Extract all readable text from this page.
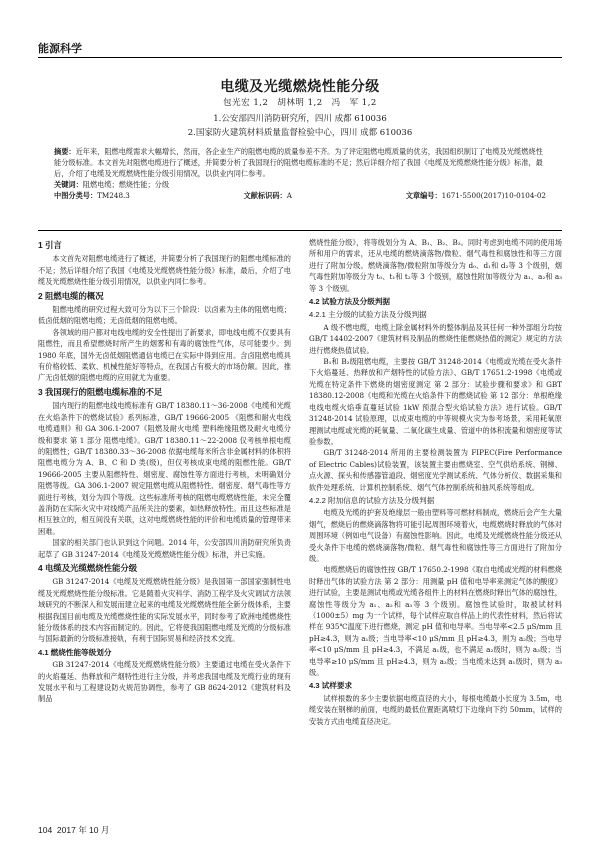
能源科学
电缆及光缆燃烧性能分级
包光宏 1,2　胡林明 1,2　冯　军 1,2
1.公安部四川消防研究所，四川 成都 610036
2.国家防火建筑材料质量监督检验中心，四川 成都 610036
摘要：近年来，阻燃电缆需求大幅增长，然而，各企业生产的阻燃电缆的质量参差不齐。为了评定阻燃电缆质量的优劣，我国组织制订了电缆及光缆燃烧性能分级标准。本文首先对阻燃电缆进行了概述，并简要分析了我国现行的阻燃电缆标准的不足；然后详细介绍了我国《电缆及光缆燃烧性能分级》标准，最后，介绍了电缆及光缆燃烧性能分级引用情况，以供业内同仁参考。
关键词：阻燃电缆；燃烧性能；分级
中图分类号：TM248.3	文献标识码：A	文章编号：1671-5500(2017)10-0104-02
1 引言

本文首先对阻燃电缆进行了概述，并简要分析了我国现行的阻燃电缆标准的不足；然后详细介绍了我国《电缆及光缆燃烧性能分级》标准，最后，介绍了电缆及光缆燃烧性能分级引用情况，以供业内同仁参考。

2 阻燃电缆的概况

阻燃电缆的研究过程大致可分为以下三个阶段：以卤素为主体的阻燃电缆；低卤低烟的阻燃电缆；无卤低烟的阻燃电缆。

各领域的用户都对电线电缆的安全性提出了新要求，即电线电缆不仅要具有阻燃性，而且希望燃烧时所产生的烟雾和有毒的腐蚀性气体，尽可能要少。到 1980 年底，国外无卤低烟阻燃通信电缆已在实际中得到应用。含卤阻燃电缆具有价格较低、柔软、机械性能好等特点，在我国占有极大的市场份额。因此，推广无卤低烟的阻燃电缆的应用就尤为重要。

3 我国现行的阻燃电缆标准的不足

国内现行的阻燃电线电缆标准有 GB/T 18380.11～36-2008《电缆和光缆在火焰条件下的燃烧试验》系列标准，GB/T 19666-2005 《阻燃和耐火电线电缆通则》和 GA 306.1-2007《阻燃及耐火电缆 塑料绝缘阻燃及耐火电缆分级和要求 第 1 部分 阻燃电缆》。GB/T 18380.11～22-2008 仅考核单根电缆的阻燃性；GB/T 18380.33～36-2008 依据电缆每米所含非金属材料的体积将阻燃电缆分为 A、B、C 和 D 类(级)，但仅考核成束电缆的阻燃性能。GB/T 19666-2005 主要从阻燃特性、烟密度、腐蚀性等方面进行考核，未明确划分阻燃等级。GA 306.1-2007 规定阻燃电缆从阻燃特性、烟密度、烟气毒性等方面进行考核，划分为四个等级。这些标准所考核的阻燃电缆燃烧性能，未完全覆盖消防在实际火灾中对线缆产品所关注的要素，如热释放特性。而且这些标准是相互独立的，相互间没有关联，这对电缆燃烧性能的评价和电缆质量的管理带来困难。

国家的相关部门也认识到这个问题。2014 年，公安部四川消防研究所负责起草了 GB 31247-2014《电缆及光缆燃烧性能分级》标准，并已实施。

4 电缆及光缆燃烧性能分级

GB 31247-2014《电缆及光缆燃烧性能分级》是我国第一部国家强制性电缆及光缆燃烧性能分级标准。它是随着火灾科学、消防工程学及火灾调试方法领域研究的不断深入和发展而建立起来的电缆及光缆燃烧性能全新分级体系，主要根据我国目前电缆及光缆燃烧性能的实际发展水平，同时参考了欧洲电缆燃烧性能分级体系的技术内容而制定的。因此，它将使我国阻燃电缆及光缆的分级标准与国际最新的分级标准接轨，有利于国际贸易和经济技术交流。

4.1 燃烧性能等级划分

GB 31247-2014《电缆及光缆燃烧性能分级》主要通过电缆在受火条件下的火焰蔓延、热释放和产烟特性进行主分级，并考虑我国电缆及光缆行业的现有发展水平和与工程建设防火规范协调性，参考了 GB 8624-2012《建筑材料及制品

燃烧性能分级》，将等级划分为 A、B₁、B₂、B₃。同时考虑到电缆不同的使用场所和用户的需求，还从电缆的燃烧滴落物/微粒、烟气毒性和腐蚀性和等三方面进行了附加分级。燃烧滴落物/微粒附加等级分为 d₀、d₁和 d₂等 3 个级别，烟气毒性附加等级分为 t₀、t₁和 t₂等 3 个级别，腐蚀性附加等级分为 a₁、a₂和 a₃等 3 个级别。

4.2 试验方法及分级判据
4.2.1 主分级的试验方法及分级判据

A 级不燃电缆，电缆上除金属材料外的整体制品及其任何一种外部组分均按 GB/T 14402-2007《建筑材料及制品的燃烧性能燃烧热值的测定》规定的方法进行燃烧热值试验。

B₁和 B₂级阻燃电缆，主要按 GB/T 31248-2014《电缆或光缆在受火条件下火焰蔓延、热释放和产烟特性的试验方法》、GB/T 17651.2-1998《电缆或光缆在特定条件下燃烧的烟密度测定 第 2 部分：试验步骤和要求》和 GBT 18380.12-2008《电缆和光缆在火焰条件下的燃烧试验 第 12 部分：单根绝缘电线电缆火焰垂直蔓延试验 1kW 预混合型火焰试验方法》进行试验。GB/T 31248-2014 试验原理，以成束电缆的中等规模火灾为参考场景，采用耗氧原理测试电缆或光缆的耗氧量、二氧化碳生成量、管道中的体积流量和烟密度等试验参数。

GB/T 31248-2014 所用的主要检测装置为 FIPEC(Fire Performance of Electric Cables)试验装置，该装置主要由燃烧室、空气供给系统、钢梯、点火源、探头和传感器管道段、烟密度光学测试系统、气体分析仪、数据采集和软件处理系统、计算机控制系统、烟气气体控制系统和抽风系统等组成。

4.2.2 附加信息的试验方法及分级判据

电缆及光缆的护套及绝缘层一般由塑料等可燃材料制成，燃烧后会产生大量烟气，燃烧后的燃烧滴落物将可能引起周围环境着火，电缆燃烧时释放的气体对周围环境（例如电气设备）有腐蚀性影响。因此，电缆及光缆燃烧性能分级还从受火条件下电缆的燃烧滴落物/微粒、烟气毒性和腐蚀性等三方面进行了附加分级。

电缆燃烧后的腐蚀性按 GB/T 17650.2-1998《取自电缆或光缆的材料燃烧时释出气体的试验方法 第 2 部分：用测量 pH 值和电导率来测定气体的酸度》进行试验，主要是测试电缆或光缆各组件上的材料在燃烧时释出气体的腐蚀性，腐蚀性等级分为 a₁、a₂和 a₃等 3 个级别。腐蚀性试验时，取被试材料（1000±5）mg 为一个试样，每个试样应取自样品上的代表性材料，然后将试样在 935℃温度下进行燃烧，测定 pH 值和电导率。当电导率<2.5 μS/mm 且 pH≥4.3，则为 a₁级；当电导率<10 μS/mm 且 pH≥4.3，则为 a₂级；当电导率<10 μS/mm 且 pH≥4.3，不满足 a₁级，也不满足 a₂级时，则为 a₃级；当电导率≥10 μS/mm 且 pH≥4.3，则为 a₃级；当电缆未达到 a₁级时，则为 a₃级。

4.3 试样要求

试样根数的多少主要依据电缆直径的大小，每根电缆最小长度为 3.5m，电缆安装在钢梯的前面，电缆的最低位置距离喷灯下边缘向下约 50mm，试样的安装方式由电缆直径决定。

104 2017 年 10 月
